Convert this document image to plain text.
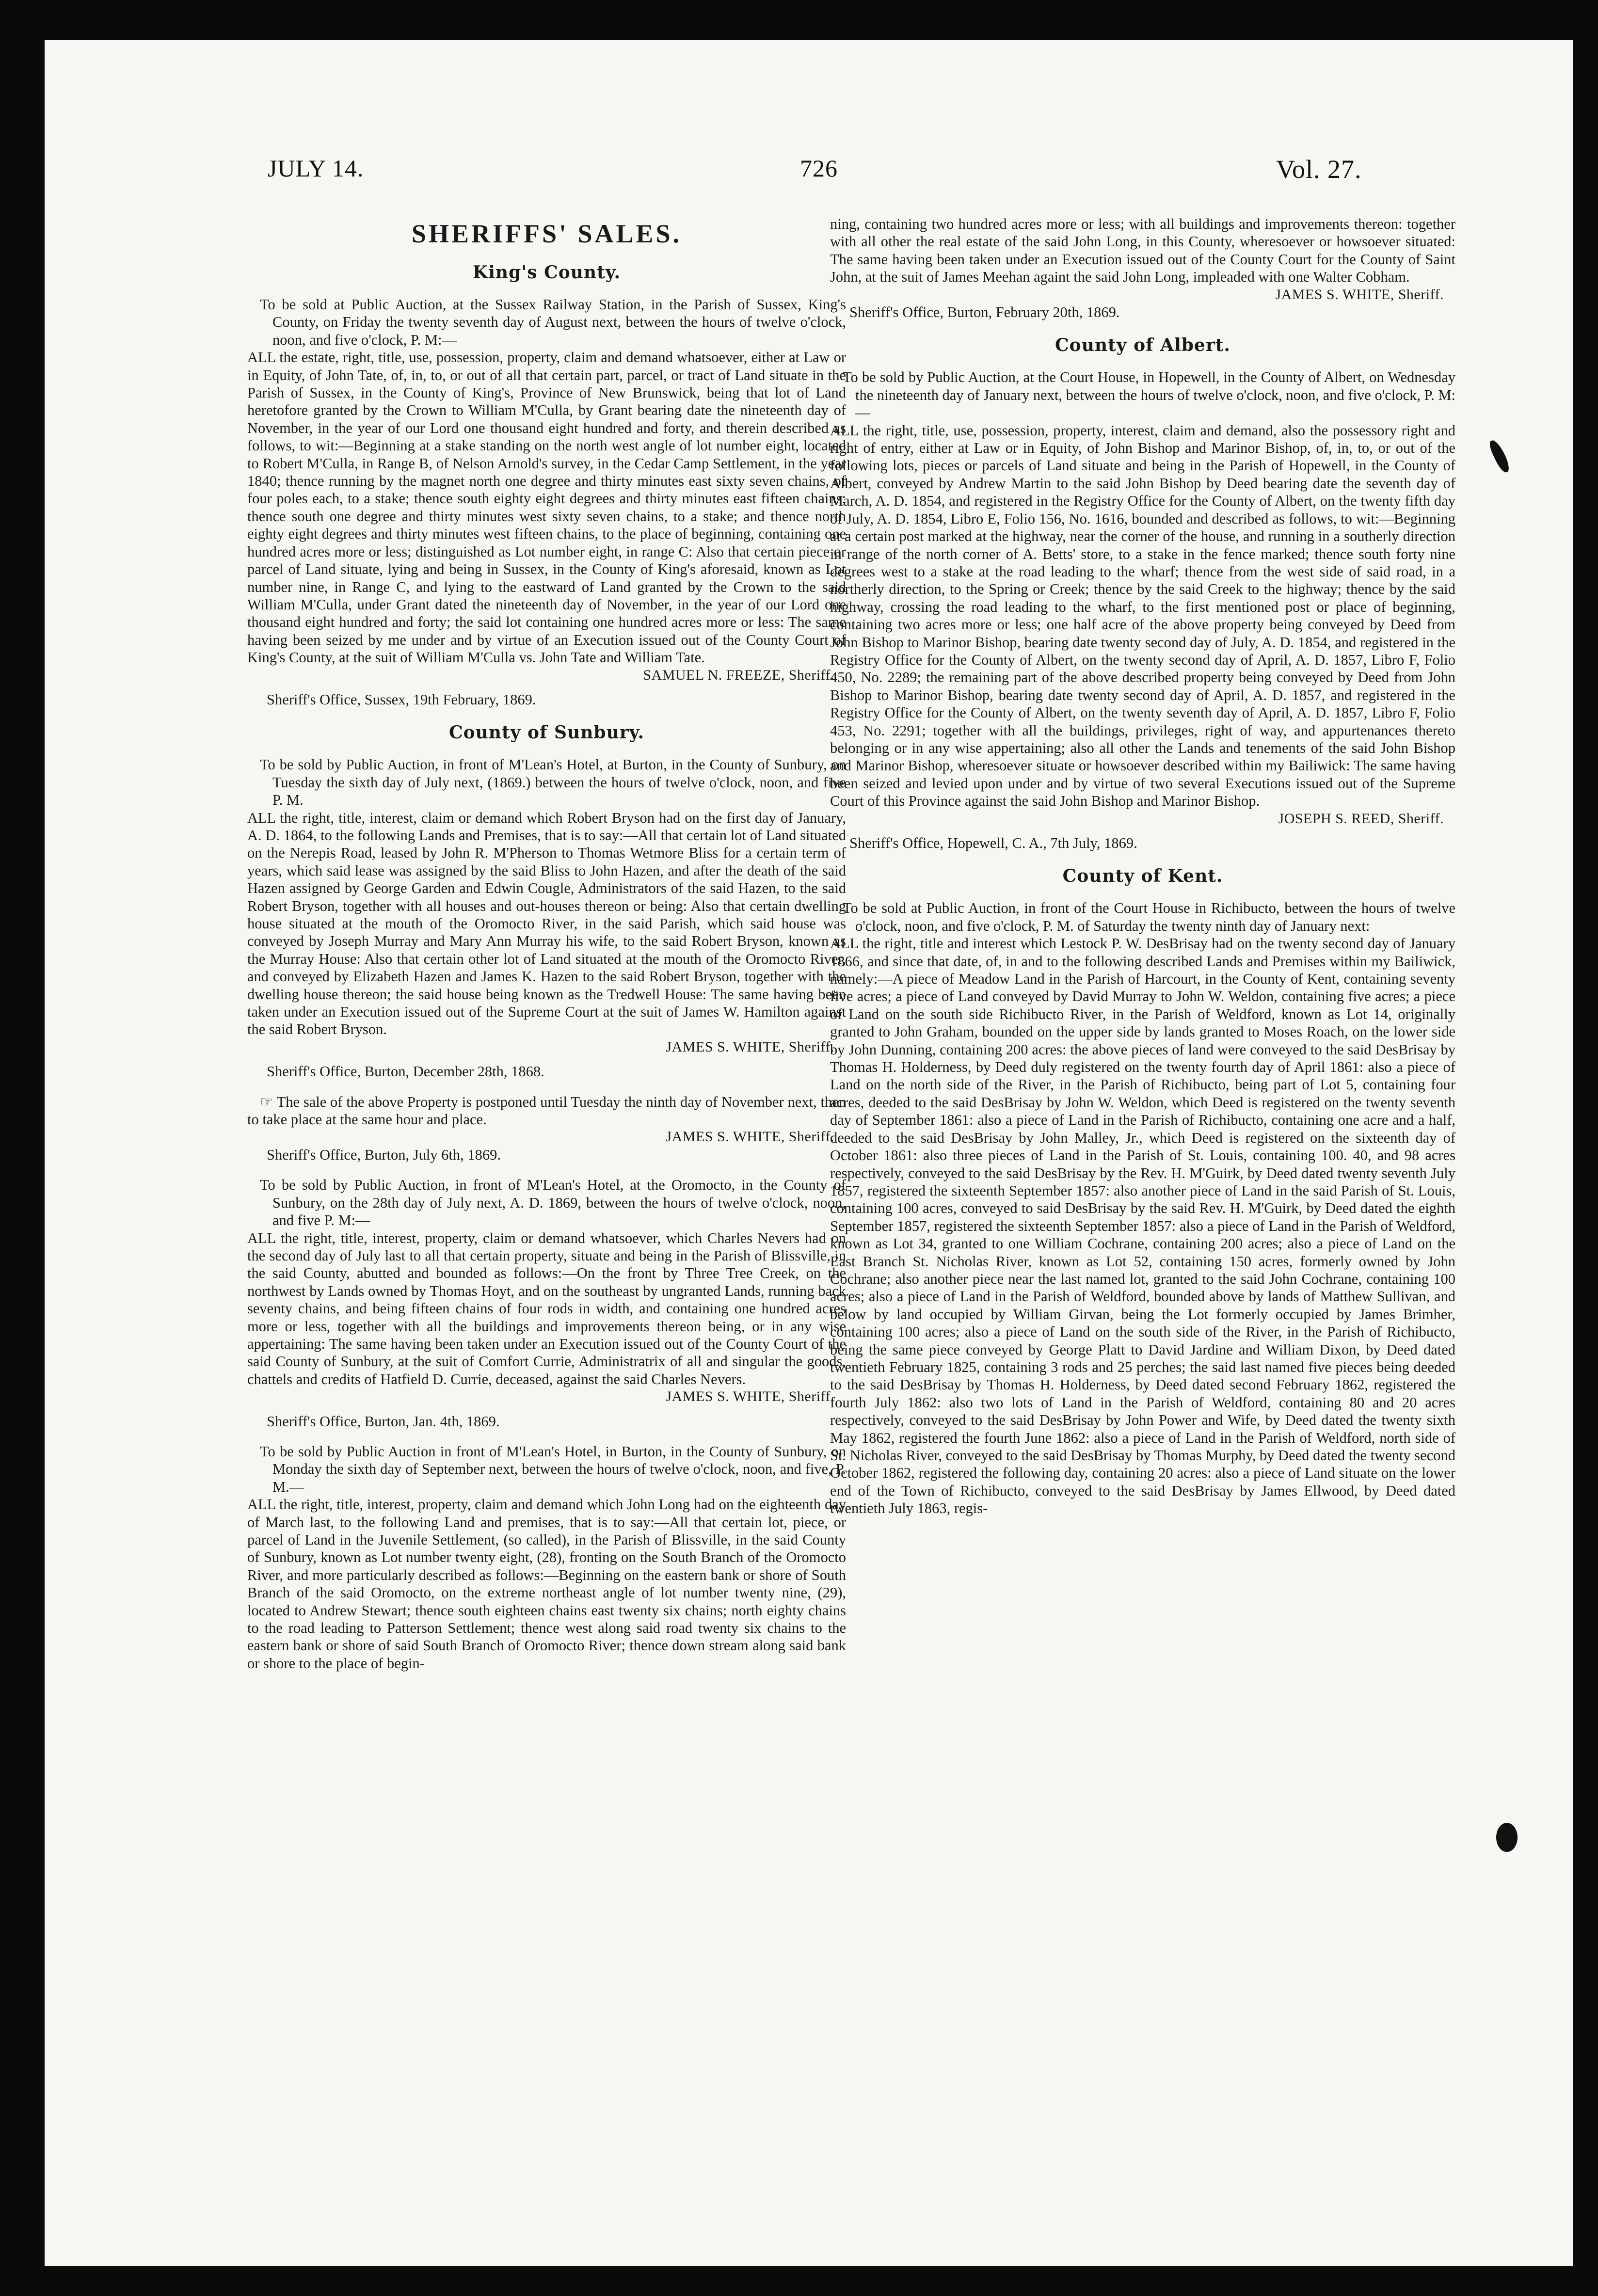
JULY 14.	726	Vol. 27.
SHERIFFS' SALES.
King's County.

To be sold at Public Auction, at the Sussex Railway Station, in the Parish of Sussex, King's County, on Friday the twenty seventh day of August next, between the hours of twelve o'clock, noon, and five o'clock, P. M:—

ALL the estate, right, title, use, possession, property, claim and demand whatsoever, either at Law or in Equity, of John Tate, of, in, to, or out of all that certain part, parcel, or tract of Land situate in the Parish of Sussex, in the County of King's, Province of New Brunswick, being that lot of Land heretofore granted by the Crown to William M'Culla, by Grant bearing date the nineteenth day of November, in the year of our Lord one thousand eight hundred and forty, and therein described as follows, to wit:—Beginning at a stake standing on the north west angle of lot number eight, located to Robert M'Culla, in Range B, of Nelson Arnold's survey, in the Cedar Camp Settlement, in the year 1840; thence running by the magnet north one degree and thirty minutes east sixty seven chains, of four poles each, to a stake; thence south eighty eight degrees and thirty minutes east fifteen chains; thence south one degree and thirty minutes west sixty seven chains, to a stake; and thence north eighty eight degrees and thirty minutes west fifteen chains, to the place of beginning, containing one hundred acres more or less; distinguished as Lot number eight, in range C: Also that certain piece or parcel of Land situate, lying and being in Sussex, in the County of King's aforesaid, known as Lot number nine, in Range C, and lying to the eastward of Land granted by the Crown to the said William M'Culla, under Grant dated the nineteenth day of November, in the year of our Lord one thousand eight hundred and forty; the said lot containing one hundred acres more or less: The same having been seized by me under and by virtue of an Execution issued out of the County Court of King's County, at the suit of William M'Culla vs. John Tate and William Tate.

SAMUEL N. FREEZE, Sheriff.

Sheriff's Office, Sussex, 19th February, 1869.

County of Sunbury.

To be sold by Public Auction, in front of M'Lean's Hotel, at Burton, in the County of Sunbury, on Tuesday the sixth day of July next, (1869.) between the hours of twelve o'clock, noon, and five P. M.

ALL the right, title, interest, claim or demand which Robert Bryson had on the first day of January, A. D. 1864, to the following Lands and Premises, that is to say:—All that certain lot of Land situated on the Nerepis Road, leased by John R. M'Pherson to Thomas Wetmore Bliss for a certain term of years, which said lease was assigned by the said Bliss to John Hazen, and after the death of the said Hazen assigned by George Garden and Edwin Cougle, Administrators of the said Hazen, to the said Robert Bryson, together with all houses and out-houses thereon or being: Also that certain dwelling house situated at the mouth of the Oromocto River, in the said Parish, which said house was conveyed by Joseph Murray and Mary Ann Murray his wife, to the said Robert Bryson, known as the Murray House: Also that certain other lot of Land situated at the mouth of the Oromocto River, and conveyed by Elizabeth Hazen and James K. Hazen to the said Robert Bryson, together with the dwelling house thereon; the said house being known as the Tredwell House: The same having been taken under an Execution issued out of the Supreme Court at the suit of James W. Hamilton against the said Robert Bryson.

JAMES S. WHITE, Sheriff.

Sheriff's Office, Burton, December 28th, 1868.

☞ The sale of the above Property is postponed until Tuesday the ninth day of November next, then to take place at the same hour and place.

JAMES S. WHITE, Sheriff.

Sheriff's Office, Burton, July 6th, 1869.

To be sold by Public Auction, in front of M'Lean's Hotel, at the Oromocto, in the County of Sunbury, on the 28th day of July next, A. D. 1869, between the hours of twelve o'clock, noon, and five P. M:—

ALL the right, title, interest, property, claim or demand whatsoever, which Charles Nevers had on the second day of July last to all that certain property, situate and being in the Parish of Blissville, in the said County, abutted and bounded as follows:—On the front by Three Tree Creek, on the northwest by Lands owned by Thomas Hoyt, and on the southeast by ungranted Lands, running back seventy chains, and being fifteen chains of four rods in width, and containing one hundred acres more or less, together with all the buildings and improvements thereon being, or in any wise appertaining: The same having been taken under an Execution issued out of the County Court of the said County of Sunbury, at the suit of Comfort Currie, Administratrix of all and singular the goods, chattels and credits of Hatfield D. Currie, deceased, against the said Charles Nevers.

JAMES S. WHITE, Sheriff.

Sheriff's Office, Burton, Jan. 4th, 1869.

To be sold by Public Auction in front of M'Lean's Hotel, in Burton, in the County of Sunbury, on Monday the sixth day of September next, between the hours of twelve o'clock, noon, and five, P. M.—

ALL the right, title, interest, property, claim and demand which John Long had on the eighteenth day of March last, to the following Land and premises, that is to say:—All that certain lot, piece, or parcel of Land in the Juvenile Settlement, (so called), in the Parish of Blissville, in the said County of Sunbury, known as Lot number twenty eight, (28), fronting on the South Branch of the Oromocto River, and more particularly described as follows:—Beginning on the eastern bank or shore of South Branch of the said Oromocto, on the extreme northeast angle of lot number twenty nine, (29), located to Andrew Stewart; thence south eighteen chains east twenty six chains; north eighty chains to the road leading to Patterson Settlement; thence west along said road twenty six chains to the eastern bank or shore of said South Branch of Oromocto River; thence down stream along said bank or shore to the place of begin-

ning, containing two hundred acres more or less; with all buildings and improvements thereon: together with all other the real estate of the said John Long, in this County, wheresoever or howsoever situated: The same having been taken under an Execution issued out of the County Court for the County of Saint John, at the suit of James Meehan againt the said John Long, impleaded with one Walter Cobham.

JAMES S. WHITE, Sheriff.

Sheriff's Office, Burton, February 20th, 1869.

County of Albert.

To be sold by Public Auction, at the Court House, in Hopewell, in the County of Albert, on Wednesday the nineteenth day of January next, between the hours of twelve o'clock, noon, and five o'clock, P. M:—

ALL the right, title, use, possession, property, interest, claim and demand, also the possessory right and right of entry, either at Law or in Equity, of John Bishop and Marinor Bishop, of, in, to, or out of the following lots, pieces or parcels of Land situate and being in the Parish of Hopewell, in the County of Albert, conveyed by Andrew Martin to the said John Bishop by Deed bearing date the seventh day of March, A. D. 1854, and registered in the Registry Office for the County of Albert, on the twenty fifth day of July, A. D. 1854, Libro E, Folio 156, No. 1616, bounded and described as follows, to wit:—Beginning at a certain post marked at the highway, near the corner of the house, and running in a southerly direction in range of the north corner of A. Betts' store, to a stake in the fence marked; thence south forty nine degrees west to a stake at the road leading to the wharf; thence from the west side of said road, in a northerly direction, to the Spring or Creek; thence by the said Creek to the highway; thence by the said highway, crossing the road leading to the wharf, to the first mentioned post or place of beginning, containing two acres more or less; one half acre of the above property being conveyed by Deed from John Bishop to Marinor Bishop, bearing date twenty second day of July, A. D. 1854, and registered in the Registry Office for the County of Albert, on the twenty second day of April, A. D. 1857, Libro F, Folio 450, No. 2289; the remaining part of the above described property being conveyed by Deed from John Bishop to Marinor Bishop, bearing date twenty second day of April, A. D. 1857, and registered in the Registry Office for the County of Albert, on the twenty seventh day of April, A. D. 1857, Libro F, Folio 453, No. 2291; together with all the buildings, privileges, right of way, and appurtenances thereto belonging or in any wise appertaining; also all other the Lands and tenements of the said John Bishop and Marinor Bishop, wheresoever situate or howsoever described within my Bailiwick: The same having been seized and levied upon under and by virtue of two several Executions issued out of the Supreme Court of this Province against the said John Bishop and Marinor Bishop.

JOSEPH S. REED, Sheriff.

Sheriff's Office, Hopewell, C. A., 7th July, 1869.

County of Kent.

To be sold at Public Auction, in front of the Court House in Richibucto, between the hours of twelve o'clock, noon, and five o'clock, P. M. of Saturday the twenty ninth day of January next:

ALL the right, title and interest which Lestock P. W. DesBrisay had on the twenty second day of January 1866, and since that date, of, in and to the following described Lands and Premises within my Bailiwick, namely:—A piece of Meadow Land in the Parish of Harcourt, in the County of Kent, containing seventy five acres; a piece of Land conveyed by David Murray to John W. Weldon, containing five acres; a piece of Land on the south side Richibucto River, in the Parish of Weldford, known as Lot 14, originally granted to John Graham, bounded on the upper side by lands granted to Moses Roach, on the lower side by John Dunning, containing 200 acres: the above pieces of land were conveyed to the said DesBrisay by Thomas H. Holderness, by Deed duly registered on the twenty fourth day of April 1861: also a piece of Land on the north side of the River, in the Parish of Richibucto, being part of Lot 5, containing four acres, deeded to the said DesBrisay by John W. Weldon, which Deed is registered on the twenty seventh day of September 1861: also a piece of Land in the Parish of Richibucto, containing one acre and a half, deeded to the said DesBrisay by John Malley, Jr., which Deed is registered on the sixteenth day of October 1861: also three pieces of Land in the Parish of St. Louis, containing 100. 40, and 98 acres respectively, conveyed to the said DesBrisay by the Rev. H. M'Guirk, by Deed dated twenty seventh July 1857, registered the sixteenth September 1857: also another piece of Land in the said Parish of St. Louis, containing 100 acres, conveyed to said DesBrisay by the said Rev. H. M'Guirk, by Deed dated the eighth September 1857, registered the sixteenth September 1857: also a piece of Land in the Parish of Weldford, known as Lot 34, granted to one William Cochrane, containing 200 acres; also a piece of Land on the East Branch St. Nicholas River, known as Lot 52, containing 150 acres, formerly owned by John Cochrane; also another piece near the last named lot, granted to the said John Cochrane, containing 100 acres; also a piece of Land in the Parish of Weldford, bounded above by lands of Matthew Sullivan, and below by land occupied by William Girvan, being the Lot formerly occupied by James Brimher, containing 100 acres; also a piece of Land on the south side of the River, in the Parish of Richibucto, being the same piece conveyed by George Platt to David Jardine and William Dixon, by Deed dated twentieth February 1825, containing 3 rods and 25 perches; the said last named five pieces being deeded to the said DesBrisay by Thomas H. Holderness, by Deed dated second February 1862, registered the fourth July 1862: also two lots of Land in the Parish of Weldford, containing 80 and 20 acres respectively, conveyed to the said DesBrisay by John Power and Wife, by Deed dated the twenty sixth May 1862, registered the fourth June 1862: also a piece of Land in the Parish of Weldford, north side of St. Nicholas River, conveyed to the said DesBrisay by Thomas Murphy, by Deed dated the twenty second October 1862, registered the following day, containing 20 acres: also a piece of Land situate on the lower end of the Town of Richibucto, conveyed to the said DesBrisay by James Ellwood, by Deed dated twentieth July 1863, regis-
